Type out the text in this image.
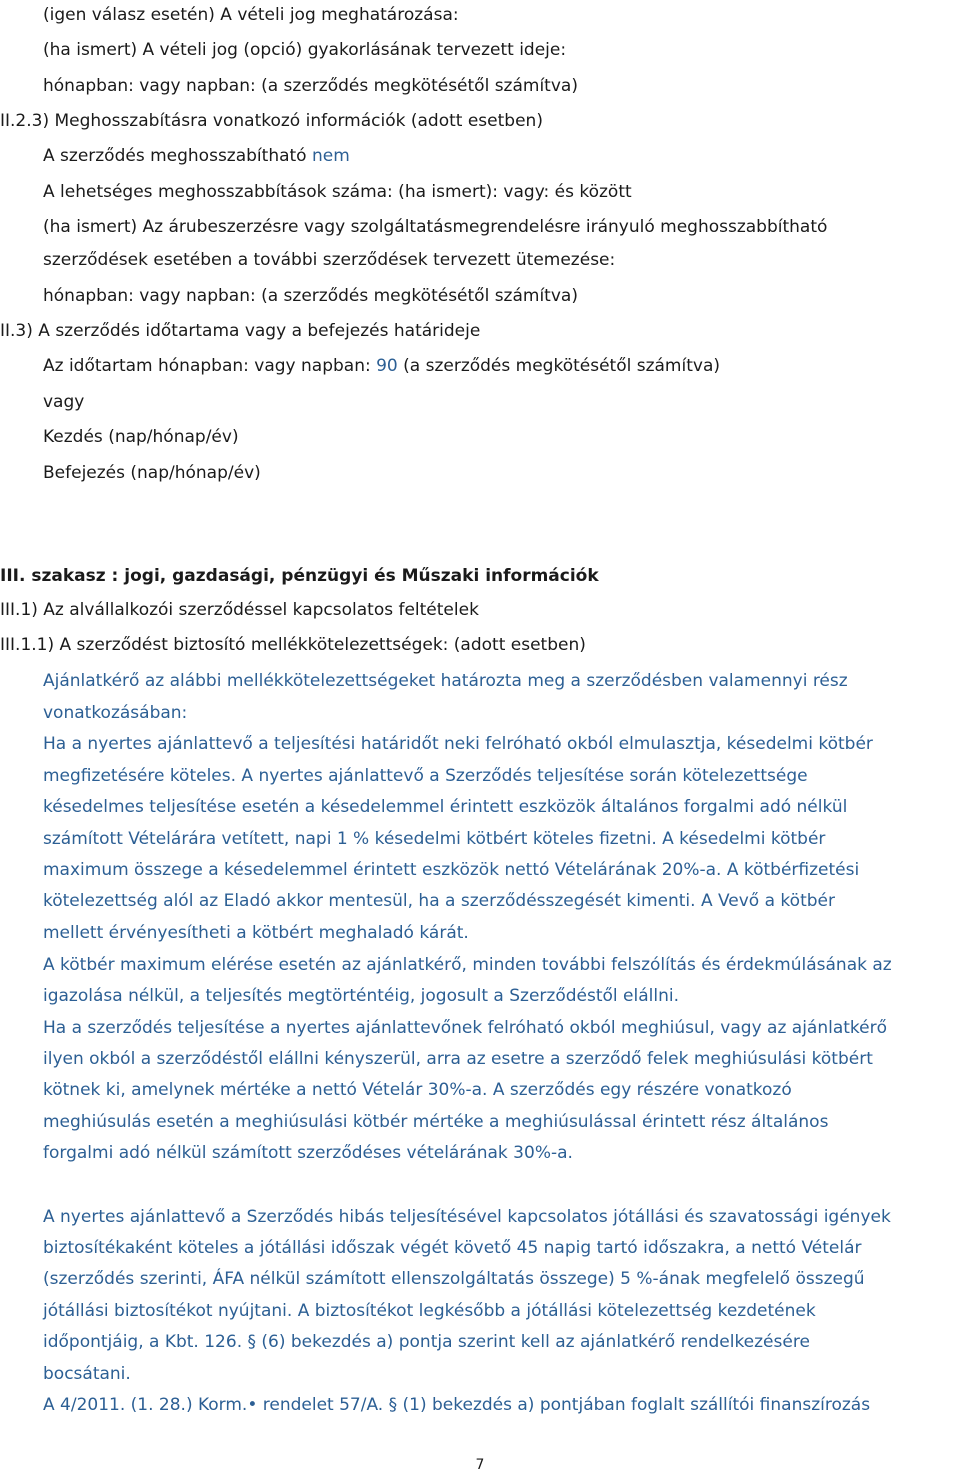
(igen válasz esetén) A vételi jog meghatározása:
(ha ismert) A vételi jog (opció) gyakorlásának tervezett ideje:
hónapban: vagy napban: (a szerződés megkötésétől számítva)
II.2.3) Meghosszabításra vonatkozó információk (adott esetben)
A szerződés meghosszabítható nem
A lehetséges meghosszabbítások száma: (ha ismert): vagy: és között
(ha ismert) Az árubeszerzésre vagy szolgáltatásmegrendelésre irányuló meghosszabbítható
szerződések esetében a további szerződések tervezett ütemezése:
hónapban: vagy napban: (a szerződés megkötésétől számítva)
II.3) A szerződés időtartama vagy a befejezés határideje
Az időtartam hónapban: vagy napban: 90 (a szerződés megkötésétől számítva)
vagy
Kezdés (nap/hónap/év)
Befejezés (nap/hónap/év)
III. szakasz : jogi, gazdasági, pénzügyi és Műszaki információk
III.1) Az alvállalkozói szerződéssel kapcsolatos feltételek
III.1.1) A szerződést biztosító mellékkötelezettségek: (adott esetben)
Ajánlatkérő az alábbi mellékkötelezettségeket határozta meg a szerződésben valamennyi rész
vonatkozásában:
Ha a nyertes ajánlattevő a teljesítési határidőt neki felróható okból elmulasztja, késedelmi kötbér
megfizetésére köteles. A nyertes ajánlattevő a Szerződés teljesítése során kötelezettsége
késedelmes teljesítése esetén a késedelemmel érintett eszközök általános forgalmi adó nélkül
számított Vételárára vetített, napi 1 % késedelmi kötbért köteles fizetni. A késedelmi kötbér
maximum összege a késedelemmel érintett eszközök nettó Vételárának 20%-a. A kötbérfizetési
kötelezettség alól az Eladó akkor mentesül, ha a szerződésszegését kimenti. A Vevő a kötbér
mellett érvényesítheti a kötbért meghaladó kárát.
A kötbér maximum elérése esetén az ajánlatkérő, minden további felszólítás és érdekmúlásának az
igazolása nélkül, a teljesítés megtörténtéig, jogosult a Szerződéstől elállni.
Ha a szerződés teljesítése a nyertes ajánlattevőnek felróható okból meghiúsul, vagy az ajánlatkérő
ilyen okból a szerződéstől elállni kényszerül, arra az esetre a szerződő felek meghiúsulási kötbért
kötnek ki, amelynek mértéke a nettó Vételár 30%-a. A szerződés egy részére vonatkozó
meghiúsulás esetén a meghiúsulási kötbér mértéke a meghiúsulással érintett rész általános
forgalmi adó nélkül számított szerződéses vételárának 30%-a.
A nyertes ajánlattevő a Szerződés hibás teljesítésével kapcsolatos jótállási és szavatossági igények
biztosítékaként köteles a jótállási időszak végét követő 45 napig tartó időszakra, a nettó Vételár
(szerződés szerinti, ÁFA nélkül számított ellenszolgáltatás összege) 5 %-ának megfelelő összegű
jótállási biztosítékot nyújtani. A biztosítékot legkésőbb a jótállási kötelezettség kezdetének
időpontjáig, a Kbt. 126. § (6) bekezdés a) pontja szerint kell az ajánlatkérő rendelkezésére
bocsátani.
A 4/2011. (1. 28.) Korm.• rendelet 57/A. § (1) bekezdés a) pontjában foglalt szállítói finanszírozás
7
